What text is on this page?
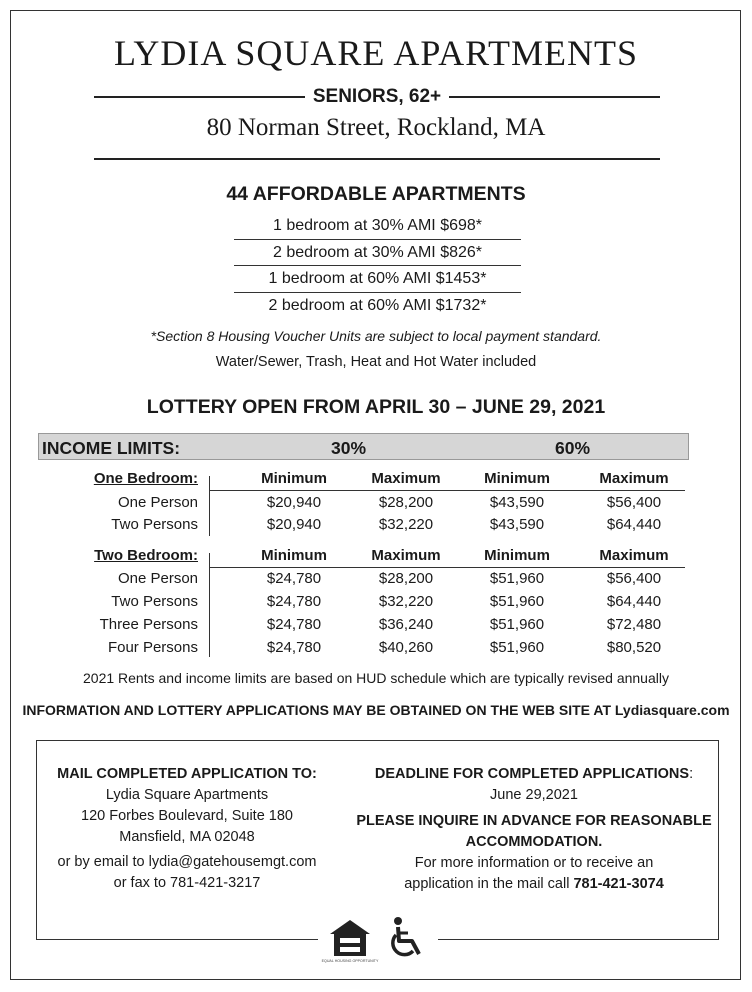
LYDIA SQUARE APARTMENTS
SENIORS, 62+
80 Norman Street, Rockland, MA
44 AFFORDABLE APARTMENTS
1 bedroom at 30% AMI $698*
2 bedroom at 30% AMI $826*
1 bedroom at 60% AMI $1453*
2 bedroom at 60% AMI $1732*
*Section 8 Housing Voucher Units are subject to local payment standard.
Water/Sewer, Trash, Heat and Hot Water included
LOTTERY OPEN FROM APRIL 30 – JUNE 29, 2021
INCOME LIMITS:	30%	60%
One Bedroom:	Minimum	Maximum	Minimum	Maximum
One Person	$20,940	$28,200	$43,590	$56,400
Two Persons	$20,940	$32,220	$43,590	$64,440
Two Bedroom:	Minimum	Maximum	Minimum	Maximum
One Person	$24,780	$28,200	$51,960	$56,400
Two Persons	$24,780	$32,220	$51,960	$64,440
Three Persons	$24,780	$36,240	$51,960	$72,480
Four Persons	$24,780	$40,260	$51,960	$80,520
2021 Rents and income limits are based on HUD schedule which are typically revised annually
INFORMATION AND LOTTERY APPLICATIONS MAY BE OBTAINED ON THE WEB SITE AT Lydiasquare.com
MAIL COMPLETED APPLICATION TO:
Lydia Square Apartments
120 Forbes Boulevard, Suite 180
Mansfield, MA 02048
or by email to lydia@gatehousemgt.com
or fax to 781-421-3217
DEADLINE FOR COMPLETED APPLICATIONS:
June 29,2021
PLEASE INQUIRE IN ADVANCE FOR REASONABLE
ACCOMMODATION.
For more information or to receive an
application in the mail call 781-421-3074
EQUAL HOUSING OPPORTUNITY
